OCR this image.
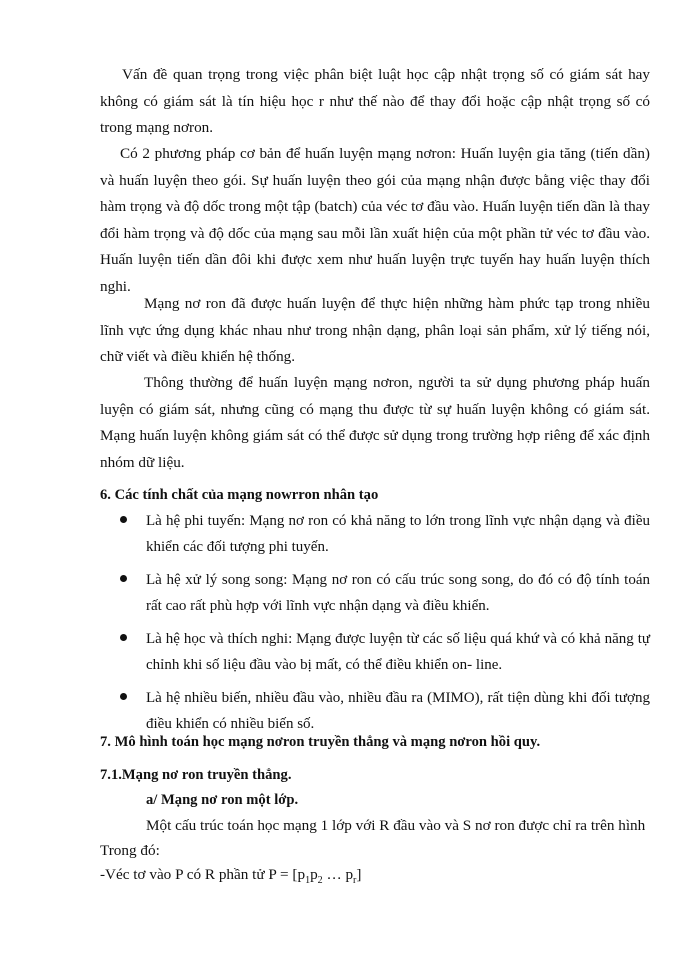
Vấn đề quan trọng trong việc phân biệt luật học cập nhật trọng số có giám sát hay không có giám sát là tín hiệu học r như thế nào để thay đổi hoặc cập nhật trọng số có trong mạng nơron.

Có 2 phương pháp cơ bản để huấn luyện mạng nơron: Huấn luyện gia tăng (tiến dần) và huấn luyện theo gói. Sự huấn luyện theo gói của mạng nhận được bằng việc thay đổi hàm trọng và độ dốc trong một tập (batch) của véc tơ đầu vào. Huấn luyện tiến dần là thay đổi hàm trọng và độ dốc của mạng sau mỗi lần xuất hiện của một phần tử véc tơ đầu vào. Huấn luyện tiến dần đôi khi được xem như huấn luyện trực tuyến hay huấn luyện thích nghi.

Mạng nơ ron đã được huấn luyện để thực hiện những hàm phức tạp trong nhiều lĩnh vực ứng dụng khác nhau như trong nhận dạng, phân loại sản phẩm, xử lý tiếng nói, chữ viết và điều khiển hệ thống.

Thông thường để huấn luyện mạng nơron, người ta sử dụng phương pháp huấn luyện có giám sát, nhưng cũng có mạng thu được từ sự huấn luyện không có giám sát. Mạng huấn luyện không giám sát có thể được sử dụng trong trường hợp riêng để xác định nhóm dữ liệu.

6. Các tính chất của mạng nowrron nhân tạo

Là hệ phi tuyến: Mạng nơ ron có khả năng to lớn trong lĩnh vực nhận dạng và điều khiển các đối tượng phi tuyến.
Là hệ xử lý song song: Mạng nơ ron có cấu trúc song song, do đó có độ tính toán rất cao rất phù hợp với lĩnh vực nhận dạng và điều khiển.
Là hệ học và thích nghi: Mạng được luyện từ các số liệu quá khứ và có khả năng tự chỉnh khi số liệu đầu vào bị mất, có thể điều khiển on- line.
Là hệ nhiều biến, nhiều đầu vào, nhiều đầu ra (MIMO), rất tiện dùng khi đối tượng điều khiển có nhiều biến số.

7. Mô hình toán học mạng nơron truyền thẳng và mạng nơron hồi quy.

7.1.Mạng nơ ron truyền thẳng.

a/ Mạng nơ ron một lớp.

Một cấu trúc toán học mạng 1 lớp với R đầu vào và S nơ ron được chỉ ra trên hình

Trong đó:

-Véc tơ vào P có R phần tử $P = [p_1p_2$ … $p_r$]
